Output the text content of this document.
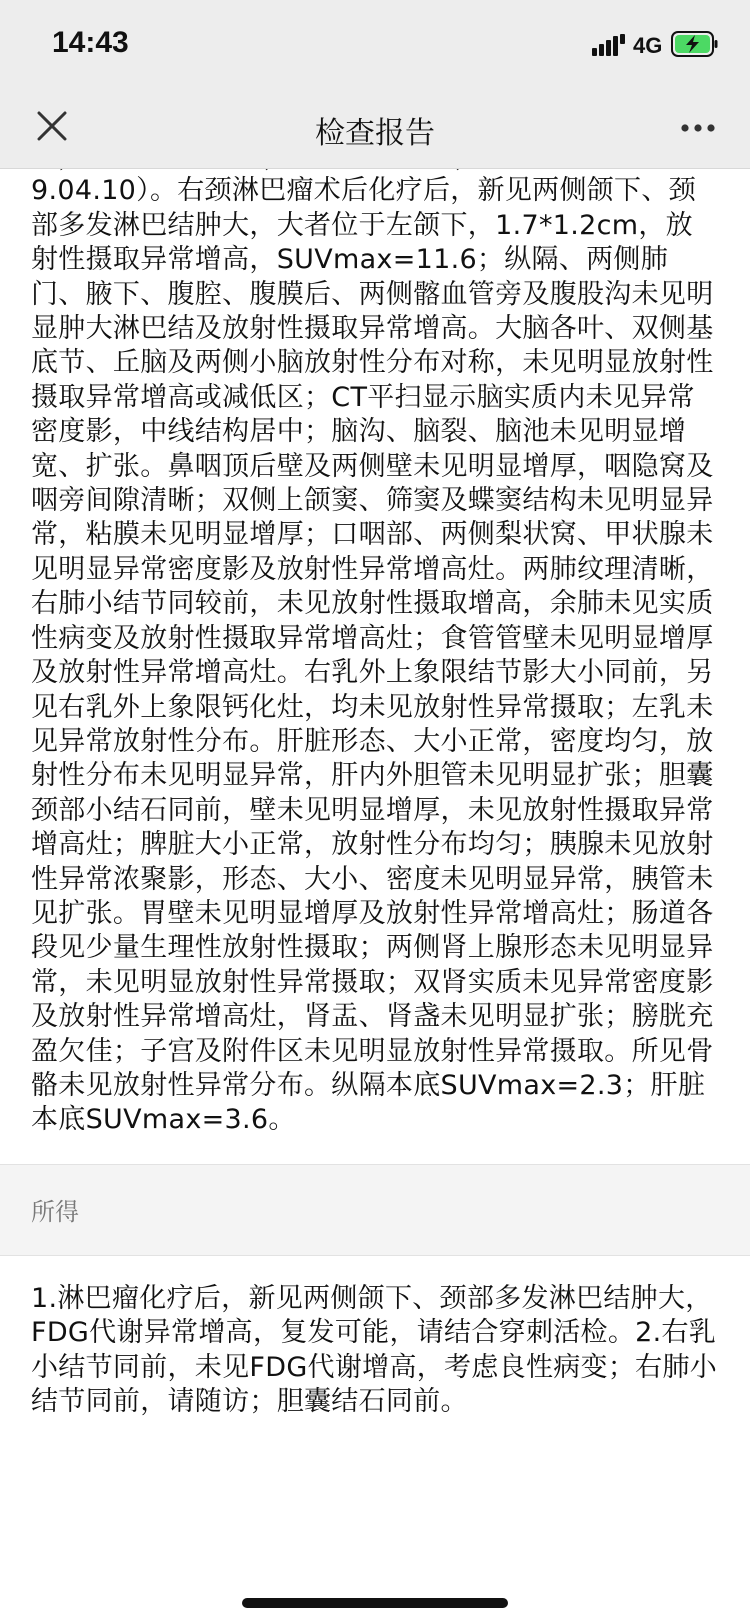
9.04.10）。右颈淋巴瘤术后化疗后，新见两侧颌下、颈部多发淋巴结肿大，大者位于左颌下，1.7*1.2cm，放射性摄取异常增高，SUVmax=11.6；纵隔、两侧肺门、腋下、腹腔、腹膜后、两侧髂血管旁及腹股沟未见明显肿大淋巴结及放射性摄取异常增高。大脑各叶、双侧基底节、丘脑及两侧小脑放射性分布对称，未见明显放射性摄取异常增高或减低区；CT平扫显示脑实质内未见异常密度影，中线结构居中；脑沟、脑裂、脑池未见明显增宽、扩张。鼻咽顶后壁及两侧壁未见明显增厚，咽隐窝及咽旁间隙清晰；双侧上颌窦、筛窦及蝶窦结构未见明显异常，粘膜未见明显增厚；口咽部、两侧梨状窝、甲状腺未见明显异常密度影及放射性异常增高灶。两肺纹理清晰，右肺小结节同较前，未见放射性摄取增高，余肺未见实质性病变及放射性摄取异常增高灶；食管管壁未见明显增厚及放射性异常增高灶。右乳外上象限结节影大小同前，另见右乳外上象限钙化灶，均未见放射性异常摄取；左乳未见异常放射性分布。肝脏形态、大小正常，密度均匀，放射性分布未见明显异常，肝内外胆管未见明显扩张；胆囊颈部小结石同前，壁未见明显增厚，未见放射性摄取异常增高灶；脾脏大小正常，放射性分布均匀；胰腺未见放射性异常浓聚影，形态、大小、密度未见明显异常，胰管未见扩张。胃壁未见明显增厚及放射性异常增高灶；肠道各段见少量生理性放射性摄取；两侧肾上腺形态未见明显异常，未见明显放射性异常摄取；双肾实质未见异常密度影及放射性异常增高灶，肾盂、肾盏未见明显扩张；膀胱充盈欠佳；子宫及附件区未见明显放射性异常摄取。所见骨骼未见放射性异常分布。纵隔本底SUVmax=2.3；肝脏本底SUVmax=3.6。
所得
1.淋巴瘤化疗后，新见两侧颌下、颈部多发淋巴结肿大，FDG代谢异常增高，复发可能，请结合穿刺活检。2.右乳小结节同前，未见FDG代谢增高，考虑良性病变；右肺小结节同前，请随访；胆囊结石同前。
14:43	4G
检查报告
